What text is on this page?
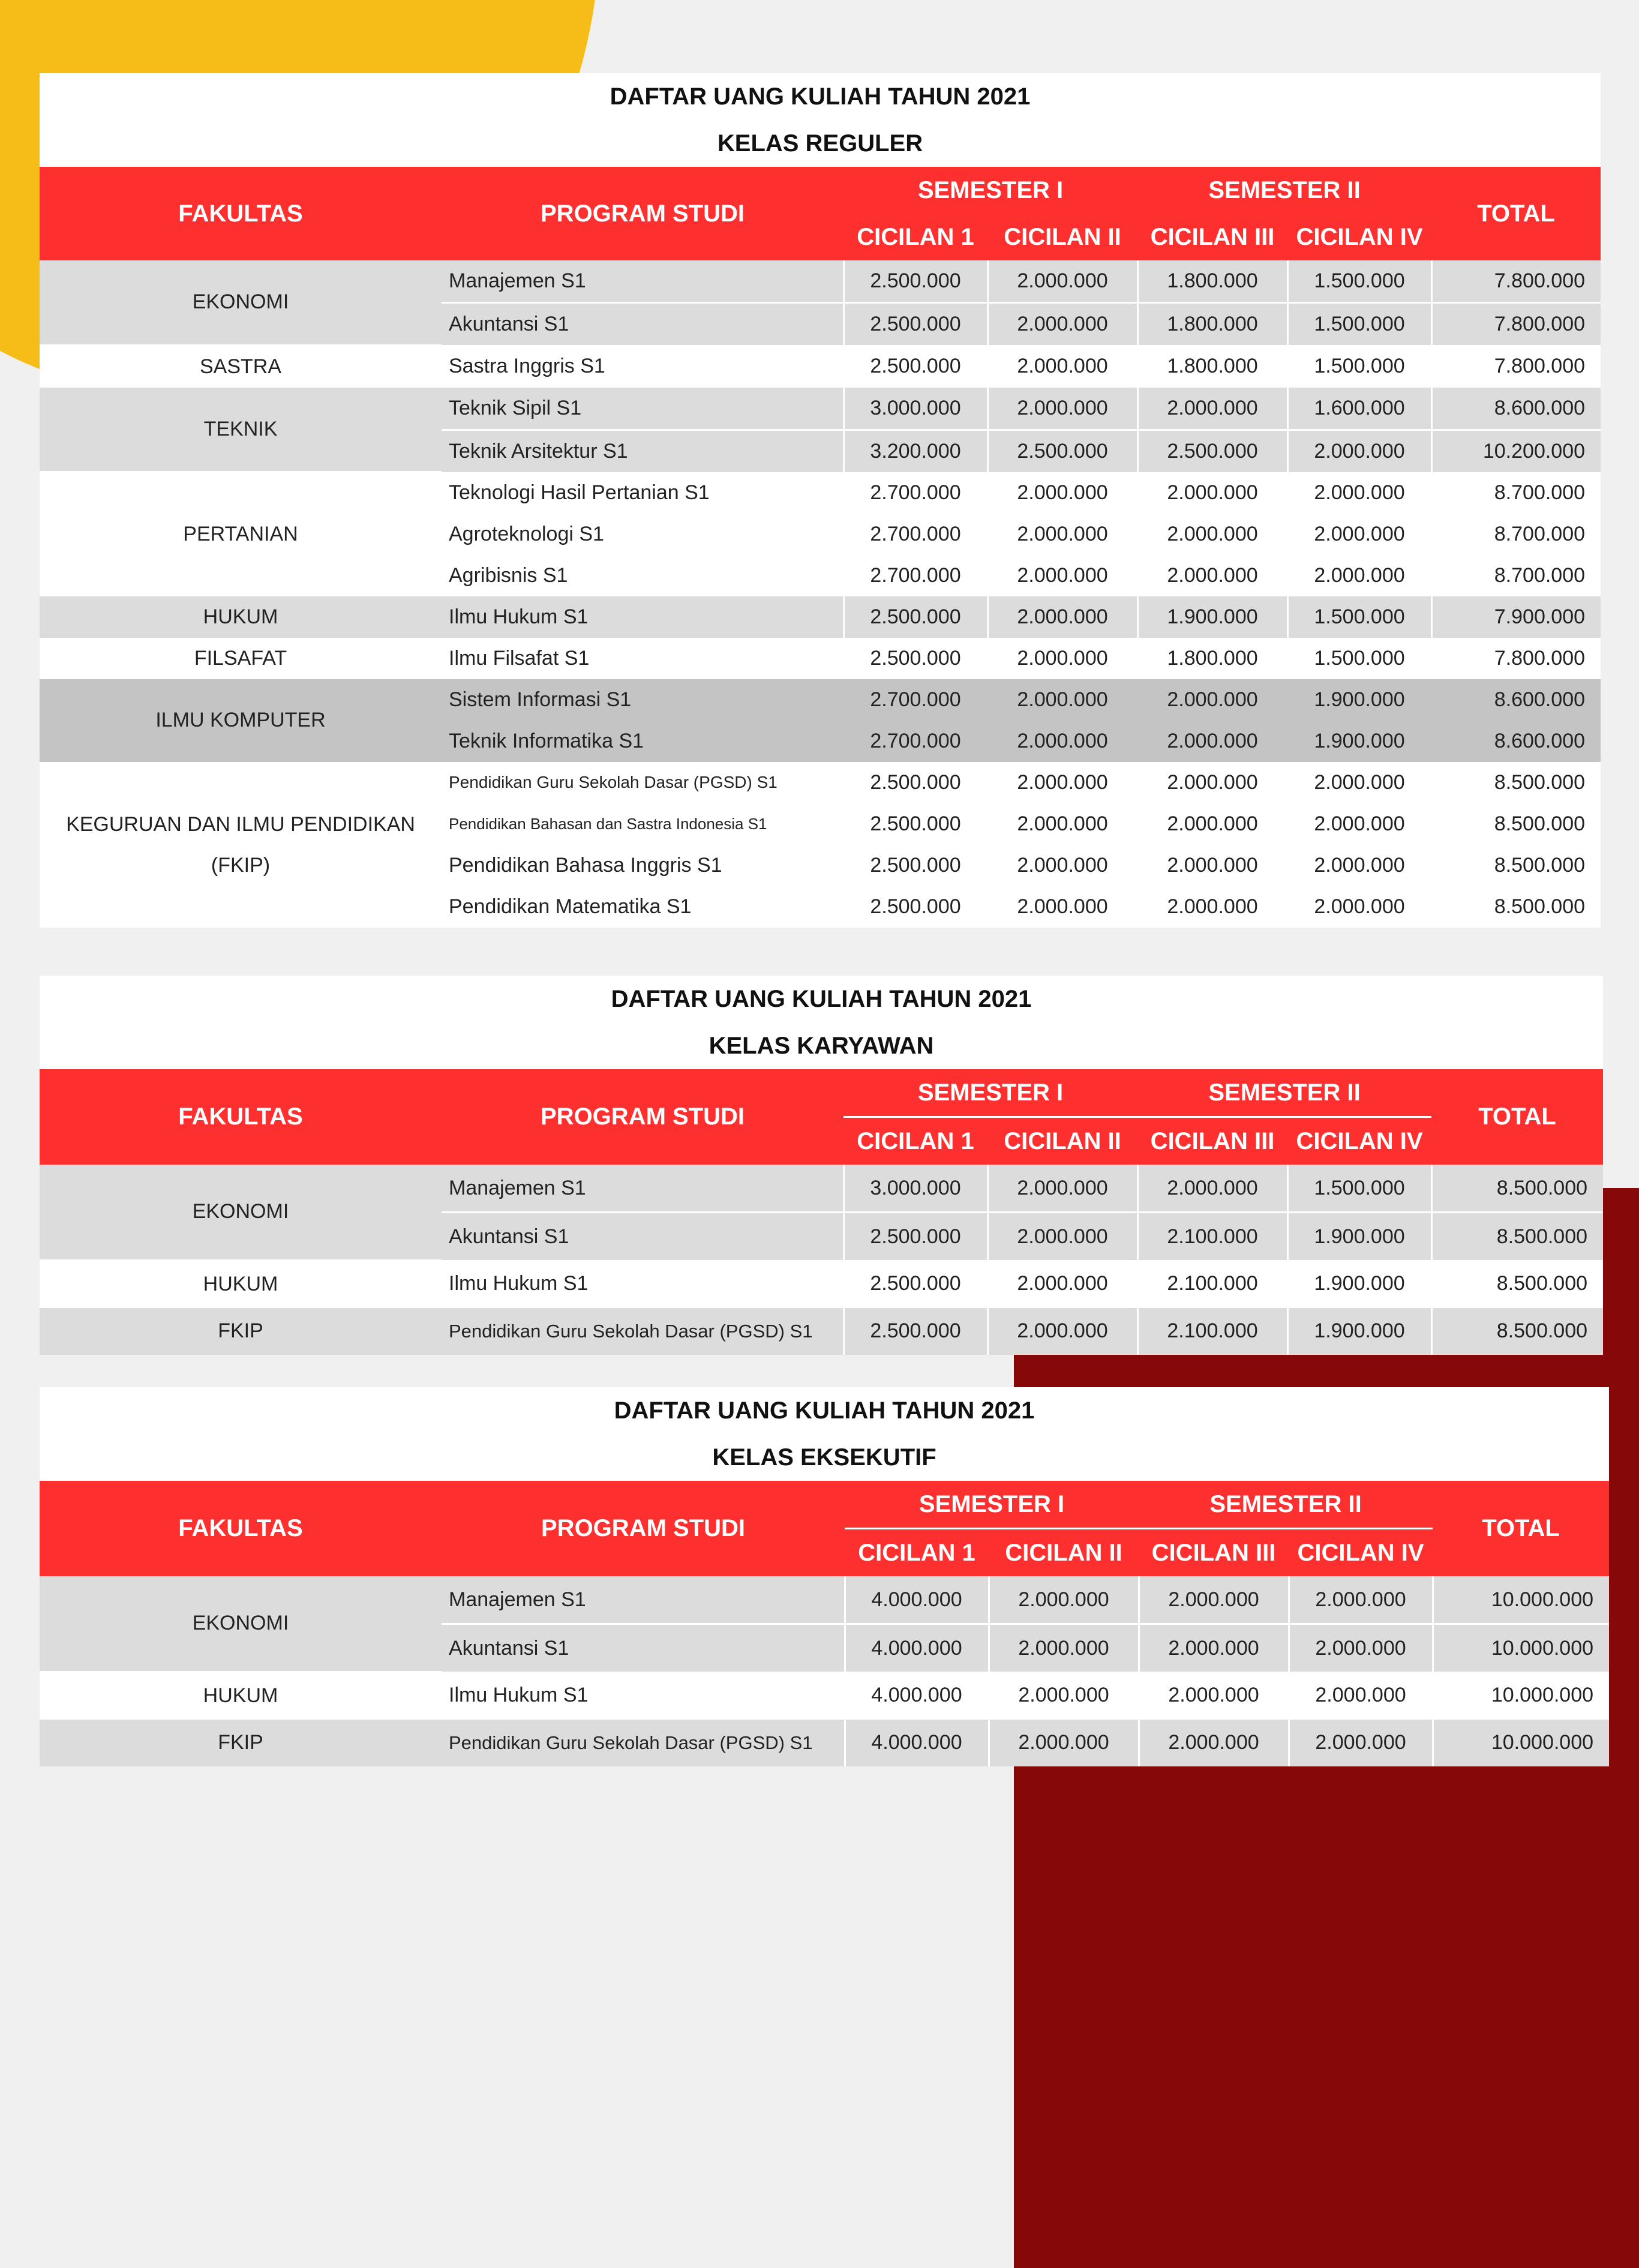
DAFTAR UANG KULIAH TAHUN 2021
KELAS REGULER
FAKULTAS	PROGRAM STUDI	SEMESTER I		SEMESTER II		TOTAL
		CICILAN 1	CICILAN II	CICILAN III	CICILAN IV	
EKONOMI	Manajemen S1	2.500.000	2.000.000	1.800.000	1.500.000	7.800.000
	Akuntansi S1	2.500.000	2.000.000	1.800.000	1.500.000	7.800.000
SASTRA	Sastra Inggris S1	2.500.000	2.000.000	1.800.000	1.500.000	7.800.000
TEKNIK	Teknik Sipil S1	3.000.000	2.000.000	2.000.000	1.600.000	8.600.000
	Teknik Arsitektur S1	3.200.000	2.500.000	2.500.000	2.000.000	10.200.000
PERTANIAN	Teknologi Hasil Pertanian S1	2.700.000	2.000.000	2.000.000	2.000.000	8.700.000
	Agroteknologi S1	2.700.000	2.000.000	2.000.000	2.000.000	8.700.000
	Agribisnis S1	2.700.000	2.000.000	2.000.000	2.000.000	8.700.000
HUKUM	Ilmu Hukum S1	2.500.000	2.000.000	1.900.000	1.500.000	7.900.000
FILSAFAT	Ilmu Filsafat S1	2.500.000	2.000.000	1.800.000	1.500.000	7.800.000
ILMU KOMPUTER	Sistem Informasi S1	2.700.000	2.000.000	2.000.000	1.900.000	8.600.000
	Teknik Informatika S1	2.700.000	2.000.000	2.000.000	1.900.000	8.600.000

KEGURUAN DAN ILMU PENDIDIKAN
(FKIP)	Pendidikan Guru Sekolah Dasar (PGSD) S1	2.500.000	2.000.000	2.000.000	2.000.000	8.500.000
	Pendidikan Bahasan dan Sastra Indonesia S1	2.500.000	2.000.000	2.000.000	2.000.000	8.500.000
	Pendidikan Bahasa Inggris S1	2.500.000	2.000.000	2.000.000	2.000.000	8.500.000
	Pendidikan Matematika S1	2.500.000	2.000.000	2.000.000	2.000.000	8.500.000
DAFTAR UANG KULIAH TAHUN 2021
KELAS KARYAWAN
FAKULTAS	PROGRAM STUDI	SEMESTER I		SEMESTER II		TOTAL
		CICILAN 1	CICILAN II	CICILAN III	CICILAN IV	
EKONOMI	Manajemen S1	3.000.000	2.000.000	2.000.000	1.500.000	8.500.000
	Akuntansi S1	2.500.000	2.000.000	2.100.000	1.900.000	8.500.000
HUKUM	Ilmu Hukum S1	2.500.000	2.000.000	2.100.000	1.900.000	8.500.000
FKIP	Pendidikan Guru Sekolah Dasar (PGSD) S1	2.500.000	2.000.000	2.100.000	1.900.000	8.500.000
DAFTAR UANG KULIAH TAHUN 2021
KELAS EKSEKUTIF
FAKULTAS	PROGRAM STUDI	SEMESTER I		SEMESTER II		TOTAL
		CICILAN 1	CICILAN II	CICILAN III	CICILAN IV	
EKONOMI	Manajemen S1	4.000.000	2.000.000	2.000.000	2.000.000	10.000.000
	Akuntansi S1	4.000.000	2.000.000	2.000.000	2.000.000	10.000.000
HUKUM	Ilmu Hukum S1	4.000.000	2.000.000	2.000.000	2.000.000	10.000.000
FKIP	Pendidikan Guru Sekolah Dasar (PGSD) S1	4.000.000	2.000.000	2.000.000	2.000.000	10.000.000
